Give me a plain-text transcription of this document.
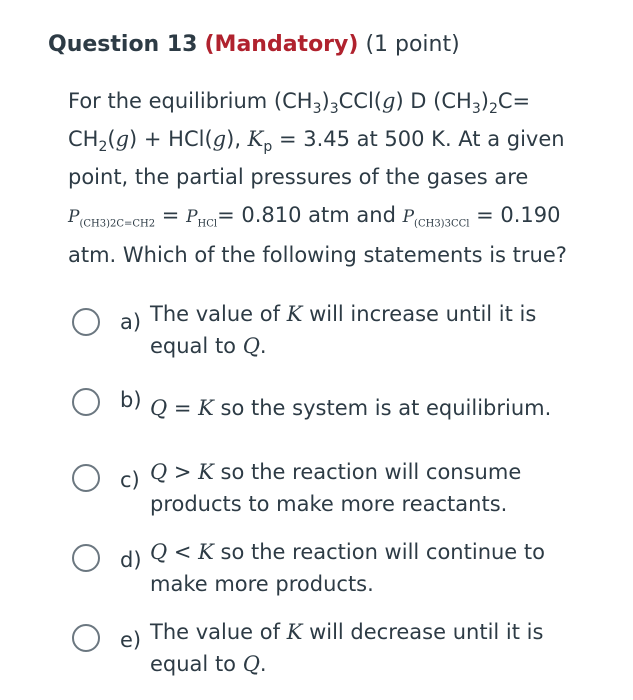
Question 13 (Mandatory) (1 point)
For the equilibrium $(CH_3)_3CCl(g)$ D $(CH_3)_2C=$
$CH_2(g) + HCl(g)$, $K_p = 3.45$ at 500 K. At a given
point, the partial pressures of the gases are
$P_{(CH3)2C=CH2} = P_{HCl}= 0.810$ atm and $P_{(CH3)3CCl} = 0.190$
atm. Which of the following statements is true?
a) The value of K will increase until it is
equal to Q.
b) Q = K so the system is at equilibrium.
c) Q > K so the reaction will consume
products to make more reactants.
d) Q < K so the reaction will continue to
make more products.
e) The value of K will decrease until it is
equal to Q.
